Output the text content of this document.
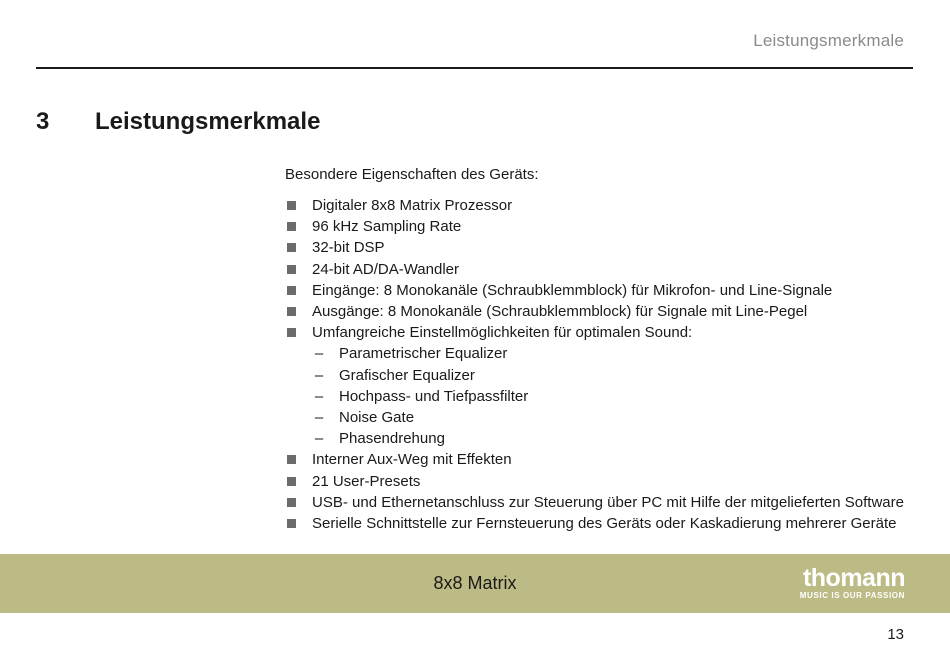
Leistungsmerkmale
3 Leistungsmerkmale

Besondere Eigenschaften des Geräts:

Digitaler 8x8 Matrix Prozessor
96 kHz Sampling Rate
32-bit DSP
24-bit AD/DA-Wandler
Eingänge: 8 Monokanäle (Schraubklemmblock) für Mikrofon- und Line-Signale
Ausgänge: 8 Monokanäle (Schraubklemmblock) für Signale mit Line-Pegel
Umfangreiche Einstellmöglichkeiten für optimalen Sound:
– Parametrischer Equalizer
– Grafischer Equalizer
– Hochpass- und Tiefpassfilter
– Noise Gate
– Phasendrehung
Interner Aux-Weg mit Effekten
21 User-Presets
USB- und Ethernetanschluss zur Steuerung über PC mit Hilfe der mitgelieferten Software
Serielle Schnittstelle zur Fernsteuerung des Geräts oder Kaskadierung mehrerer Geräte
8x8 Matrix	thomann
MUSIC IS OUR PASSION
13
